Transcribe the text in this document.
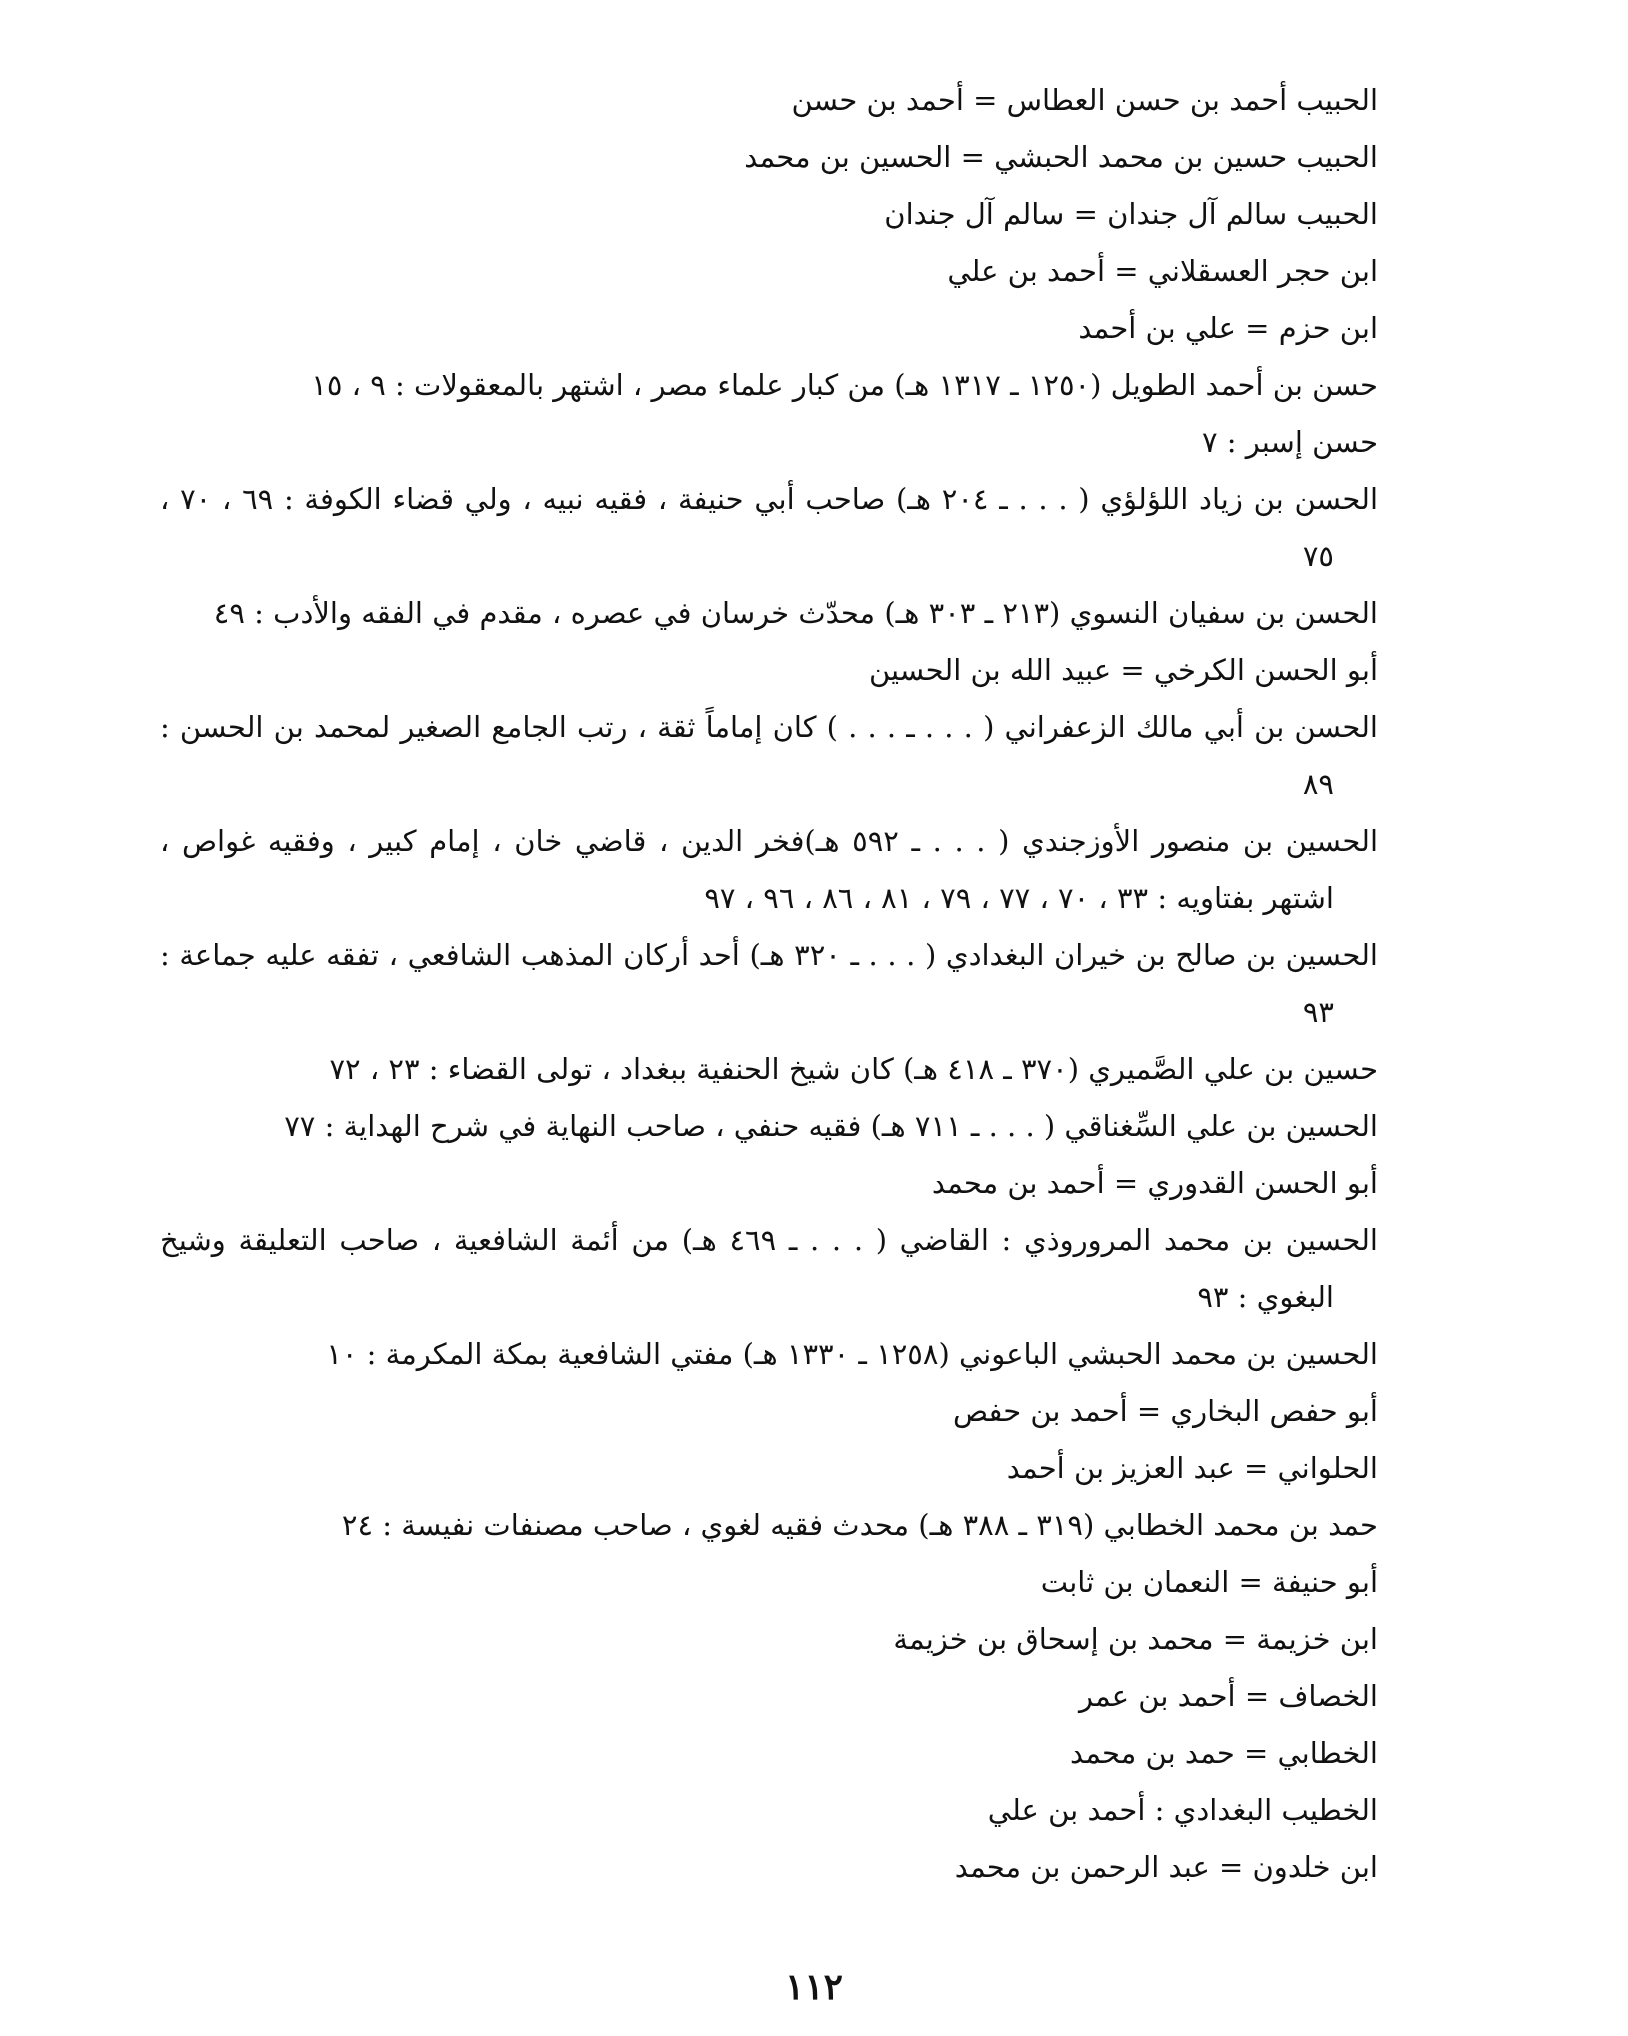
الحبيب أحمد بن حسن العطاس = أحمد بن حسن
الحبيب حسين بن محمد الحبشي = الحسين بن محمد
الحبيب سالم آل جندان = سالم آل جندان
ابن حجر العسقلاني = أحمد بن علي
ابن حزم = علي بن أحمد
حسن بن أحمد الطويل (١٢٥٠ ـ ١٣١٧ هـ) من كبار علماء مصر ، اشتهر بالمعقولات : ٩ ، ١٥
حسن إسبر : ٧
الحسن بن زياد اللؤلؤي ( . . . ـ ٢٠٤ هـ) صاحب أبي حنيفة ، فقيه نبيه ، ولي قضاء الكوفة : ٦٩ ، ٧٠ ، ٧٥
الحسن بن سفيان النسوي (٢١٣ ـ ٣٠٣ هـ) محدّث خرسان في عصره ، مقدم في الفقه والأدب : ٤٩
أبو الحسن الكرخي = عبيد الله بن الحسين
الحسن بن أبي مالك الزعفراني ( . . . ـ . . . ) كان إماماً ثقة ، رتب الجامع الصغير لمحمد بن الحسن : ٨٩
الحسين بن منصور الأوزجندي ( . . . ـ ٥٩٢ هـ)فخر الدين ، قاضي خان ، إمام كبير ، وفقيه غواص ، اشتهر بفتاويه : ٣٣ ، ٧٠ ، ٧٧ ، ٧٩ ، ٨١ ، ٨٦ ، ٩٦ ، ٩٧
الحسين بن صالح بن خيران البغدادي ( . . . ـ ٣٢٠ هـ) أحد أركان المذهب الشافعي ، تفقه عليه جماعة : ٩٣
حسين بن علي الصَّميري (٣٧٠ ـ ٤١٨ هـ) كان شيخ الحنفية ببغداد ، تولى القضاء : ٢٣ ، ٧٢
الحسين بن علي السِّغناقي ( . . . ـ ٧١١ هـ) فقيه حنفي ، صاحب النهاية في شرح الهداية : ٧٧
أبو الحسن القدوري = أحمد بن محمد
الحسين بن محمد المروروذي : القاضي ( . . . ـ ٤٦٩ هـ) من أئمة الشافعية ، صاحب التعليقة وشيخ البغوي : ٩٣
الحسين بن محمد الحبشي الباعوني (١٢٥٨ ـ ١٣٣٠ هـ) مفتي الشافعية بمكة المكرمة : ١٠
أبو حفص البخاري = أحمد بن حفص
الحلواني = عبد العزيز بن أحمد
حمد بن محمد الخطابي (٣١٩ ـ ٣٨٨ هـ) محدث فقيه لغوي ، صاحب مصنفات نفيسة : ٢٤
أبو حنيفة = النعمان بن ثابت
ابن خزيمة = محمد بن إسحاق بن خزيمة
الخصاف = أحمد بن عمر
الخطابي = حمد بن محمد
الخطيب البغدادي : أحمد بن علي
ابن خلدون = عبد الرحمن بن محمد
١١٢
